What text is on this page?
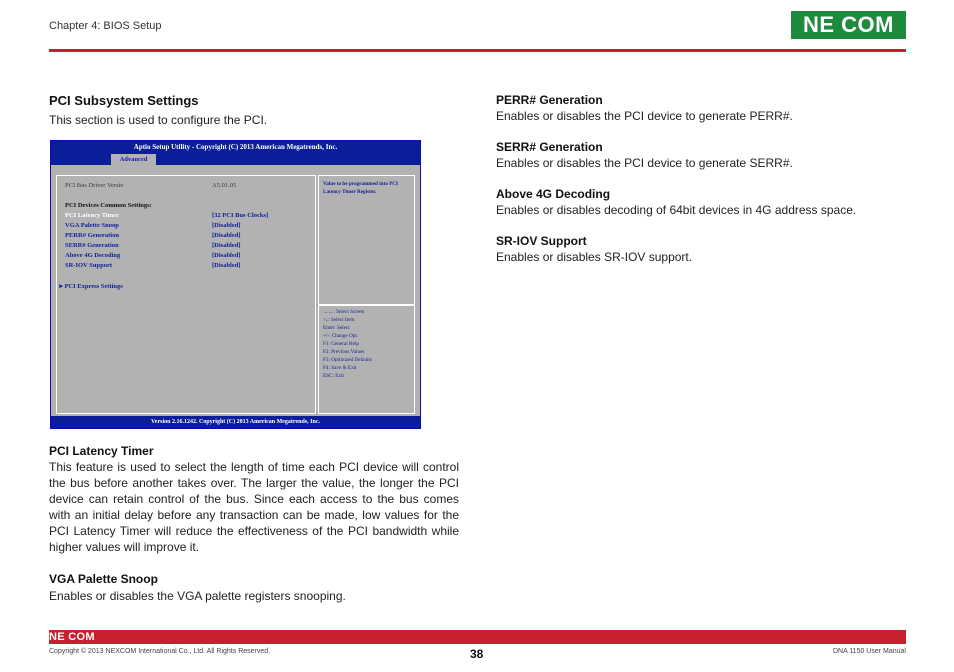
Chapter 4: BIOS Setup	NE COM
PCI Subsystem Settings
This section is used to configure the PCI.
Aptio Setup Utility - Copyright (C) 2013 American Megatrends, Inc.
Advanced
PCI Bus Driver Versio	A5.01.05
PCI Devices Common Settings:
PCI Latency Timer	[32 PCI Bus Clocks]
VGA Palette Snoop	[Disabled]
PERR# Generation	[Disabled]
SERR# Generation	[Disabled]
Above 4G Decoding	[Disabled]
SR-IOV Support	[Disabled]
►PCI Express Settings
Value to be programmed into PCI Latency Timer Register.
→←: Select Screen
↑↓: Select Item
Enter: Select
+/-: Change Opt.
F1: General Help
F2: Previous Values
F3: Optimized Defaults
F4: Save & Exit
ESC: Exit
Version 2.16.1242. Copyright (C) 2013 American Megatrends, Inc.
PCI Latency Timer
This feature is used to select the length of time each PCI device will control
the bus before another takes over. The larger the value, the longer the PCI
device can retain control of the bus. Since each access to the bus comes
with an initial delay before any transaction can be made, low values for the
PCI Latency Timer will reduce the effectiveness of the PCI bandwidth while
higher values will improve it.
VGA Palette Snoop
Enables or disables the VGA palette registers snooping.
PERR# Generation
Enables or disables the PCI device to generate PERR#.
SERR# Generation
Enables or disables the PCI device to generate SERR#.
Above 4G Decoding
Enables or disables decoding of 64bit devices in 4G address space.
SR-IOV Support
Enables or disables SR-IOV support.
NE COM
Copyright © 2013 NEXCOM International Co., Ltd. All Rights Reserved.	38	DNA 1150 User Manual
